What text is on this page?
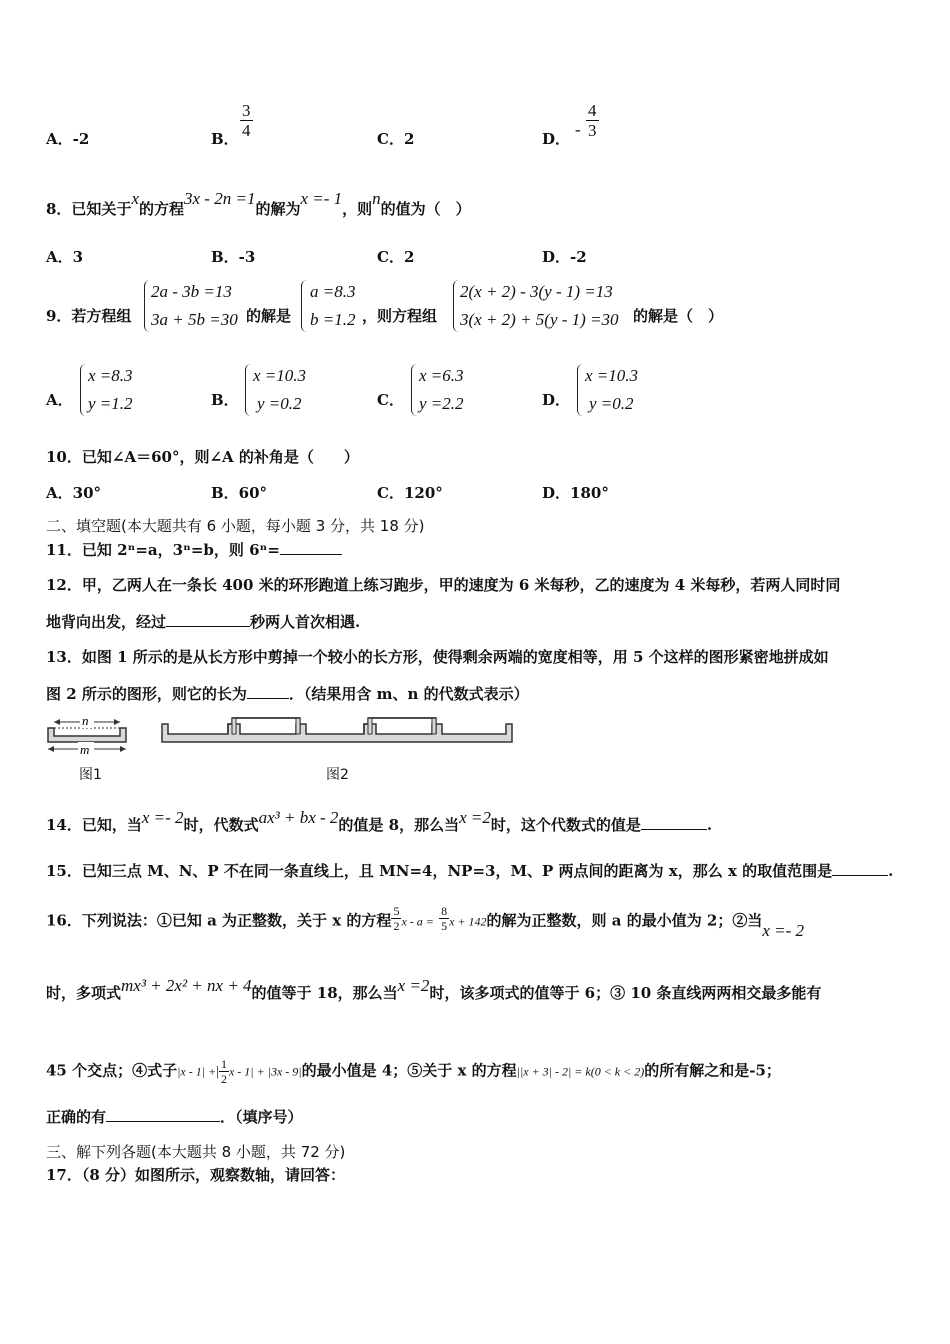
A．-2	B． $\frac{3}{4}$	C．2	D． - $\frac{4}{3}$
8．已知关于x的方程3x - 2n =1的解为x =- 1，则n的值为（　）
A．3	B．-3	C．2	D．-2
9．若方程组
2a - 3b =13
3a + 5b =30 的解是
a =8.3
b =1.2 ，则方程组
2(x + 2) - 3(y - 1) =13
3(x + 2) + 5(y - 1) =30 的解是（　）
A．
x =8.3
y =1.2	B．
x =10.3
y =0.2	C．
x =6.3
y =2.2	D．
x =10.3
y =0.2
10．已知∠A＝60°，则∠A 的补角是（　　）
A．30°	B．60°	C．120°	D．180°
二、填空题(本大题共有 6 小题，每小题 3 分，共 18 分)
11．已知 2ⁿ=a，3ⁿ=b，则 6ⁿ=
12．甲，乙两人在一条长 400 米的环形跑道上练习跑步，甲的速度为 6 米每秒，乙的速度为 4 米每秒，若两人同时同
地背向出发，经过	秒两人首次相遇.
13．如图 1 所示的是从长方形中剪掉一个较小的长方形，使得剩余两端的宽度相等，用 5 个这样的图形紧密地拼成如
图 2 所示的图形，则它的长为	．（结果用含 m、n 的代数式表示）
n
m
图1	图2
14．已知，当x =- 2时，代数式ax³ + bx - 2的值是 8，那么当x =2时，这个代数式的值是	.
15．已知三点 M、N、P 不在同一条直线上，且 MN=4，NP=3，M、P 两点间的距离为 x，那么 x 的取值范围是	.
16．下列说法：①已知 a 为正整数，关于 x 的方程 $\frac{5}{2}$ $x - a = \frac{8}{5}$ x + 142的解为正整数，则 a 的最小值为 2；②当x =- 2
时，多项式mx³ + 2x² + nx + 4的值等于 18，那么当x =2时，该多项式的值等于 6；③ 10 条直线两两相交最多能有
45 个交点；④式子|x - 1| +| $\frac{1}{2}$ x - 1| + |3x - 9|的最小值是 4；⑤关于 x 的方程||x + 3| - 2| = k(0 < k < 2)的所有解之和是-5；
正确的有	．（填序号）
三、解下列各题(本大题共 8 小题，共 72 分)
17．（8 分）如图所示，观察数轴，请回答：
